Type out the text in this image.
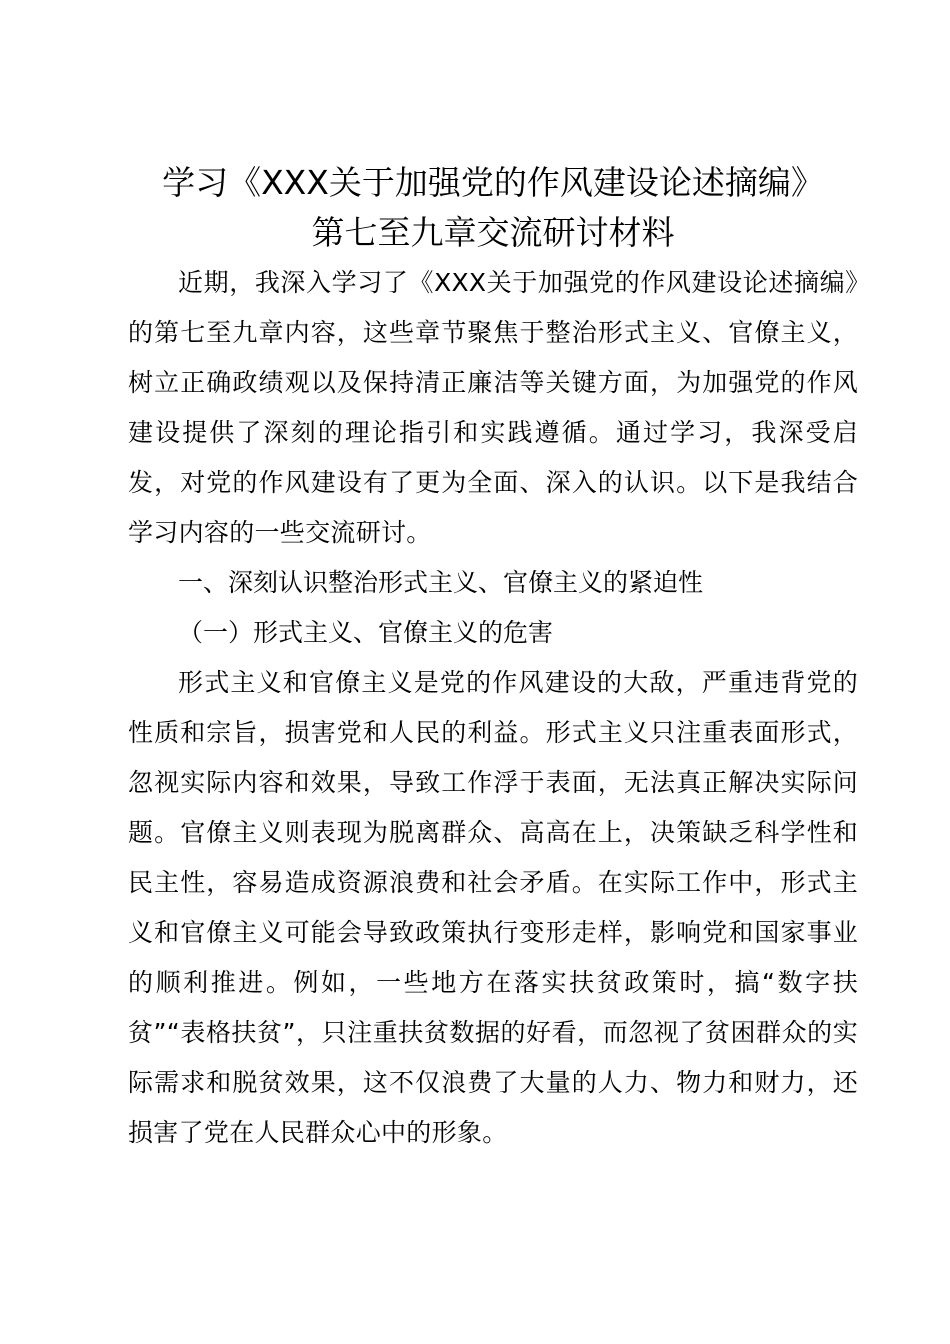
学习《XXX关于加强党的作风建设论述摘编》
第七至九章交流研讨材料

近期，我深入学习了《XXX关于加强党的作风建设论述摘编》的第七至九章内容，这些章节聚焦于整治形式主义、官僚主义，树立正确政绩观以及保持清正廉洁等关键方面，为加强党的作风建设提供了深刻的理论指引和实践遵循。通过学习，我深受启发，对党的作风建设有了更为全面、深入的认识。以下是我结合学习内容的一些交流研讨。

一、深刻认识整治形式主义、官僚主义的紧迫性
（一）形式主义、官僚主义的危害

形式主义和官僚主义是党的作风建设的大敌，严重违背党的性质和宗旨，损害党和人民的利益。形式主义只注重表面形式，忽视实际内容和效果，导致工作浮于表面，无法真正解决实际问题。官僚主义则表现为脱离群众、高高在上，决策缺乏科学性和民主性，容易造成资源浪费和社会矛盾。在实际工作中，形式主义和官僚主义可能会导致政策执行变形走样，影响党和国家事业的顺利推进。例如，一些地方在落实扶贫政策时，搞“数字扶贫”“表格扶贫”，只注重扶贫数据的好看，而忽视了贫困群众的实际需求和脱贫效果，这不仅浪费了大量的人力、物力和财力，还损害了党在人民群众心中的形象。
